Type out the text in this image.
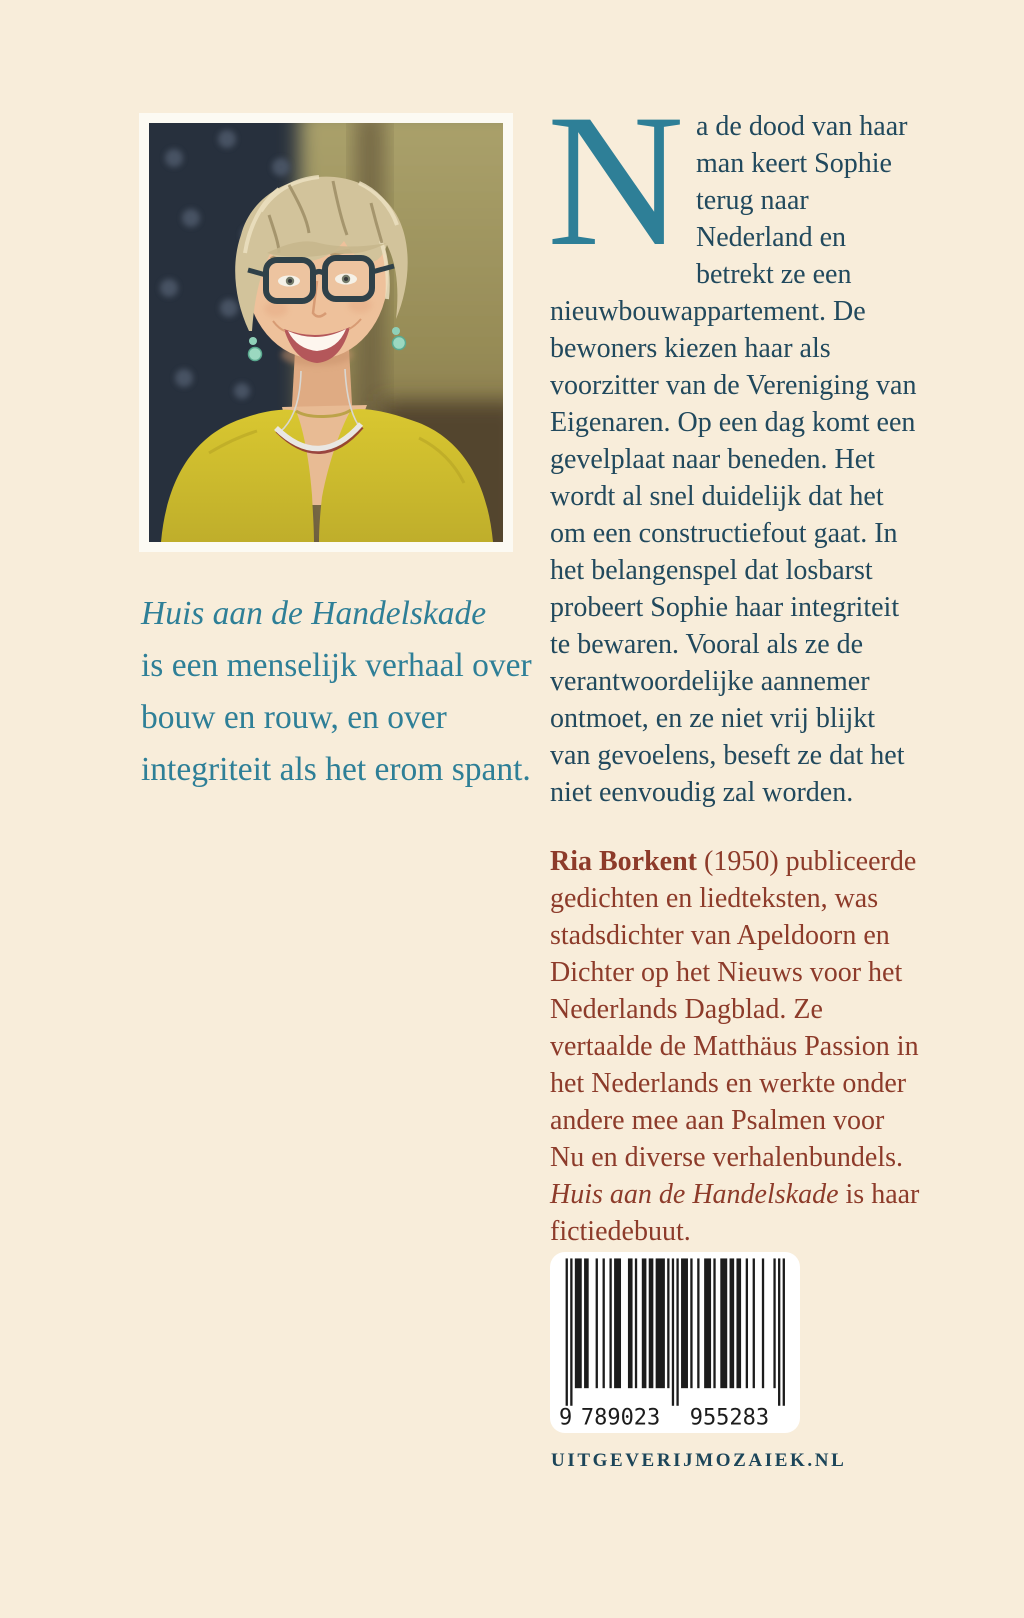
Huis aan de Handelskade
is een menselijk verhaal over bouw en rouw, en over integriteit als het erom spant.
N a de dood van haar man keert Sophie terug naar Nederland en betrekt ze een nieuwbouwappartement. De bewoners kiezen haar als voorzitter van de Vereniging van Eigenaren. Op een dag komt een gevelplaat naar beneden. Het wordt al snel duidelijk dat het om een constructiefout gaat. In het belangenspel dat losbarst probeert Sophie haar integriteit te bewaren. Vooral als ze de verantwoordelijke aannemer ontmoet, en ze niet vrij blijkt van gevoelens, beseft ze dat het niet eenvoudig zal worden.
Ria Borkent (1950) publiceerde gedichten en liedteksten, was stadsdichter van Apeldoorn en Dichter op het Nieuws voor het Nederlands Dagblad. Ze vertaalde de Matthäus Passion in het Nederlands en werkte onder andere mee aan Psalmen voor Nu en diverse verhalenbundels. Huis aan de Handelskade is haar fictiedebuut.
9 789023 955283
UITGEVERIJMOZAIEK.NL
